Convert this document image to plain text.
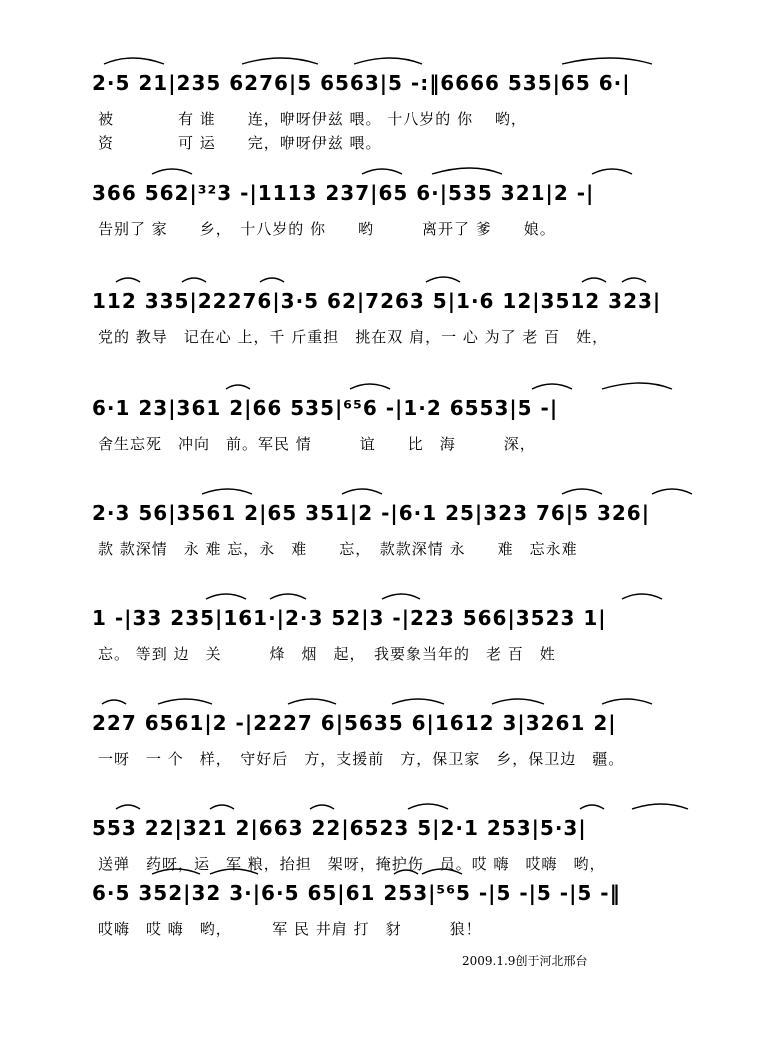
2·5 21|235 6276|5 6563|5 -:‖6666 535|65 6·|
被　　　　有 谁　　连，咿呀伊兹 喂。 十八岁的 你　 哟，
资　　　　可 运　　完，咿呀伊兹 喂。
366 562|³²3 -|1113 237|65 6·|535 321|2 -|
告别了 家　　乡，　十八岁的 你　　哟　　　离开了 爹　　娘。
112 335|22276|3·5 62|7263 5|1·6 12|3512 323|
党的 教导　记在心 上，千 斤重担　挑在双 肩，一 心 为了 老 百　姓，
6·1 23|361 2|66 535|⁶⁵6 -|1·2 6553|5 -|
舍生忘死　冲向　前。军民 情　　　谊　　比　海　　　深，
2·3 56|3561 2|65 351|2 -|6·1 25|323 76|5 326|
款 款深情　永 难 忘，永　难　　忘，　款款深情 永　　难　忘永难
1 -|33 235|161·|2·3 52|3 -|223 566|3523 1|
忘。 等到 边　关　　　烽　烟　起，　我要象当年的　老 百　姓
227 6561|2 -|2227 6|5635 6|1612 3|3261 2|
一呀　一 个　样，　守好后　方，支援前　方，保卫家　乡，保卫边　疆。
553 22|321 2|663 22|6523 5|2·1 253|5·3|
送弹　药呀，运　军 粮，抬担　架呀，掩护伤　员。哎 嗨　哎嗨　哟，
6·5 352|32 3·|6·5 65|61 253|⁵⁶5 -|5 -|5 -|5 -‖
哎嗨　哎 嗨　哟，　　　军 民 井肩 打　豺　　　狼！
2009.1.9创于河北邢台
